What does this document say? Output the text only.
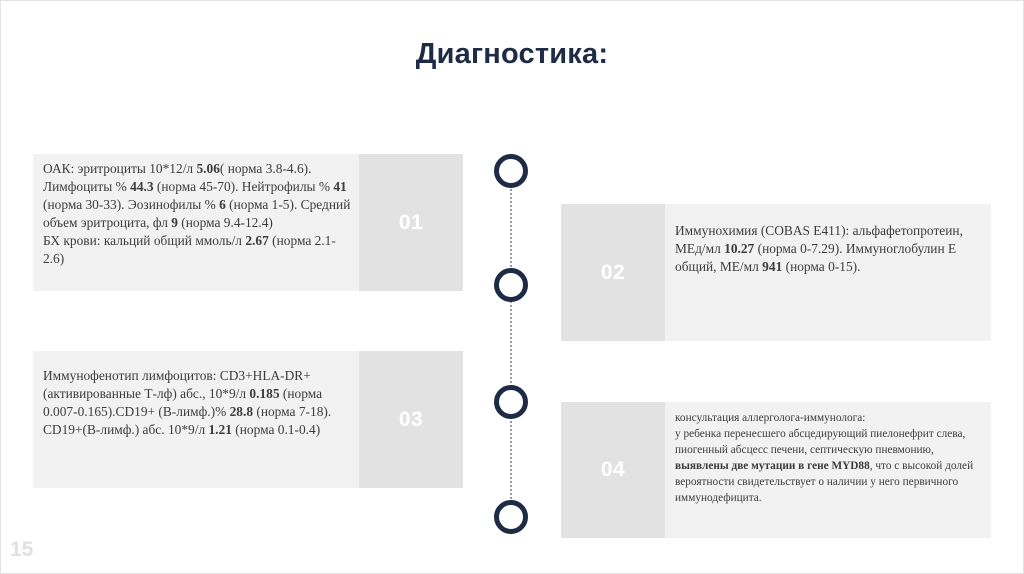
Диагностика:

ОАК: эритроциты 10*12/л 5.06( норма 3.8-4.6). Лимфоциты % 44.3 (норма 45-70). Нейтрофилы % 41 (норма 30-33). Эозинофилы % 6 (норма 1-5). Средний объем эритроцита, фл 9 (норма 9.4-12.4)

БХ крови: кальций общий ммоль/л 2.67 (норма 2.1-2.6)

01
02

Иммунохимия (COBAS E411): альфафетопротеин, МЕд/мл 10.27 (норма 0-7.29). Иммуноглобулин Е общий, МЕ/мл 941 (норма 0-15).

Иммунофенотип лимфоцитов: CD3+HLA-DR+ (активированные Т-лф) абс., 10*9/л 0.185 (норма 0.007-0.165).CD19+ (В-лимф.)% 28.8 (норма 7-18). CD19+(В-лимф.) абс. 10*9/л 1.21 (норма 0.1-0.4)	03
04

консультация аллерголога-иммунолога:

у ребенка перенесшего абсцедирующий пиелонефрит слева, пиогенный абсцесс печени, септическую пневмонию, выявлены две мутации в гене MYD88, что с высокой долей вероятности свидетельствует о наличии у него первичного иммунодефицита.

15
